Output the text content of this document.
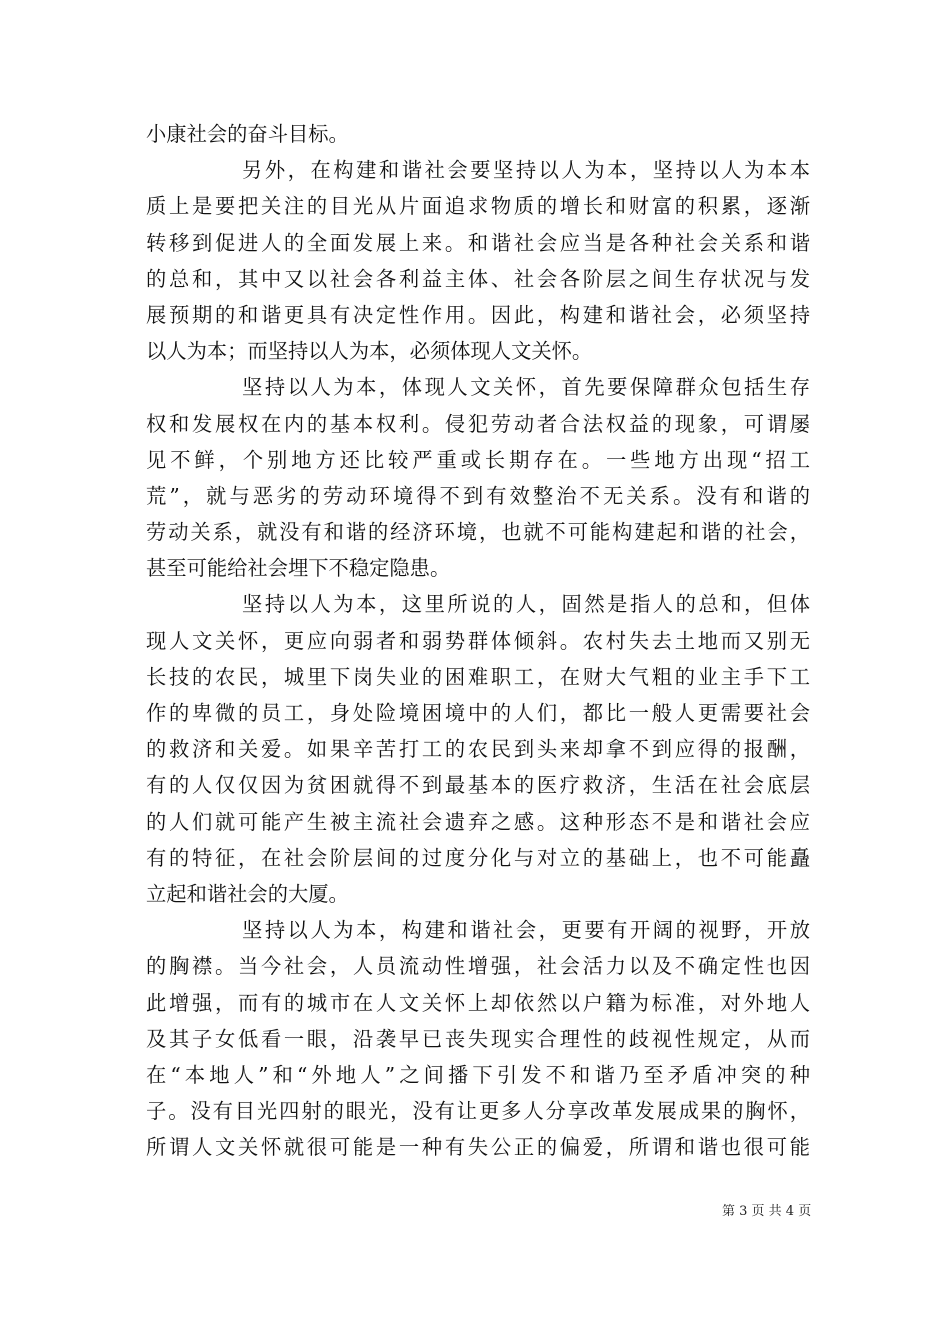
小康社会的奋斗目标。
另外，在构建和谐社会要坚持以人为本，坚持以人为本本
质上是要把关注的目光从片面追求物质的增长和财富的积累，逐渐
转移到促进人的全面发展上来。和谐社会应当是各种社会关系和谐
的总和，其中又以社会各利益主体、社会各阶层之间生存状况与发
展预期的和谐更具有决定性作用。因此，构建和谐社会，必须坚持
以人为本；而坚持以人为本，必须体现人文关怀。
坚持以人为本，体现人文关怀，首先要保障群众包括生存
权和发展权在内的基本权利。侵犯劳动者合法权益的现象，可谓屡
见不鲜，个别地方还比较严重或长期存在。一些地方出现“招工
荒”，就与恶劣的劳动环境得不到有效整治不无关系。没有和谐的
劳动关系，就没有和谐的经济环境，也就不可能构建起和谐的社会，
甚至可能给社会埋下不稳定隐患。
坚持以人为本，这里所说的人，固然是指人的总和，但体
现人文关怀，更应向弱者和弱势群体倾斜。农村失去土地而又别无
长技的农民，城里下岗失业的困难职工，在财大气粗的业主手下工
作的卑微的员工，身处险境困境中的人们，都比一般人更需要社会
的救济和关爱。如果辛苦打工的农民到头来却拿不到应得的报酬，
有的人仅仅因为贫困就得不到最基本的医疗救济，生活在社会底层
的人们就可能产生被主流社会遗弃之感。这种形态不是和谐社会应
有的特征，在社会阶层间的过度分化与对立的基础上，也不可能矗
立起和谐社会的大厦。
坚持以人为本，构建和谐社会，更要有开阔的视野，开放
的胸襟。当今社会，人员流动性增强，社会活力以及不确定性也因
此增强，而有的城市在人文关怀上却依然以户籍为标准，对外地人
及其子女低看一眼，沿袭早已丧失现实合理性的歧视性规定，从而
在“本地人”和“外地人”之间播下引发不和谐乃至矛盾冲突的种
子。没有目光四射的眼光，没有让更多人分享改革发展成果的胸怀，
所谓人文关怀就很可能是一种有失公正的偏爱，所谓和谐也很可能
第 3 页 共 4 页
